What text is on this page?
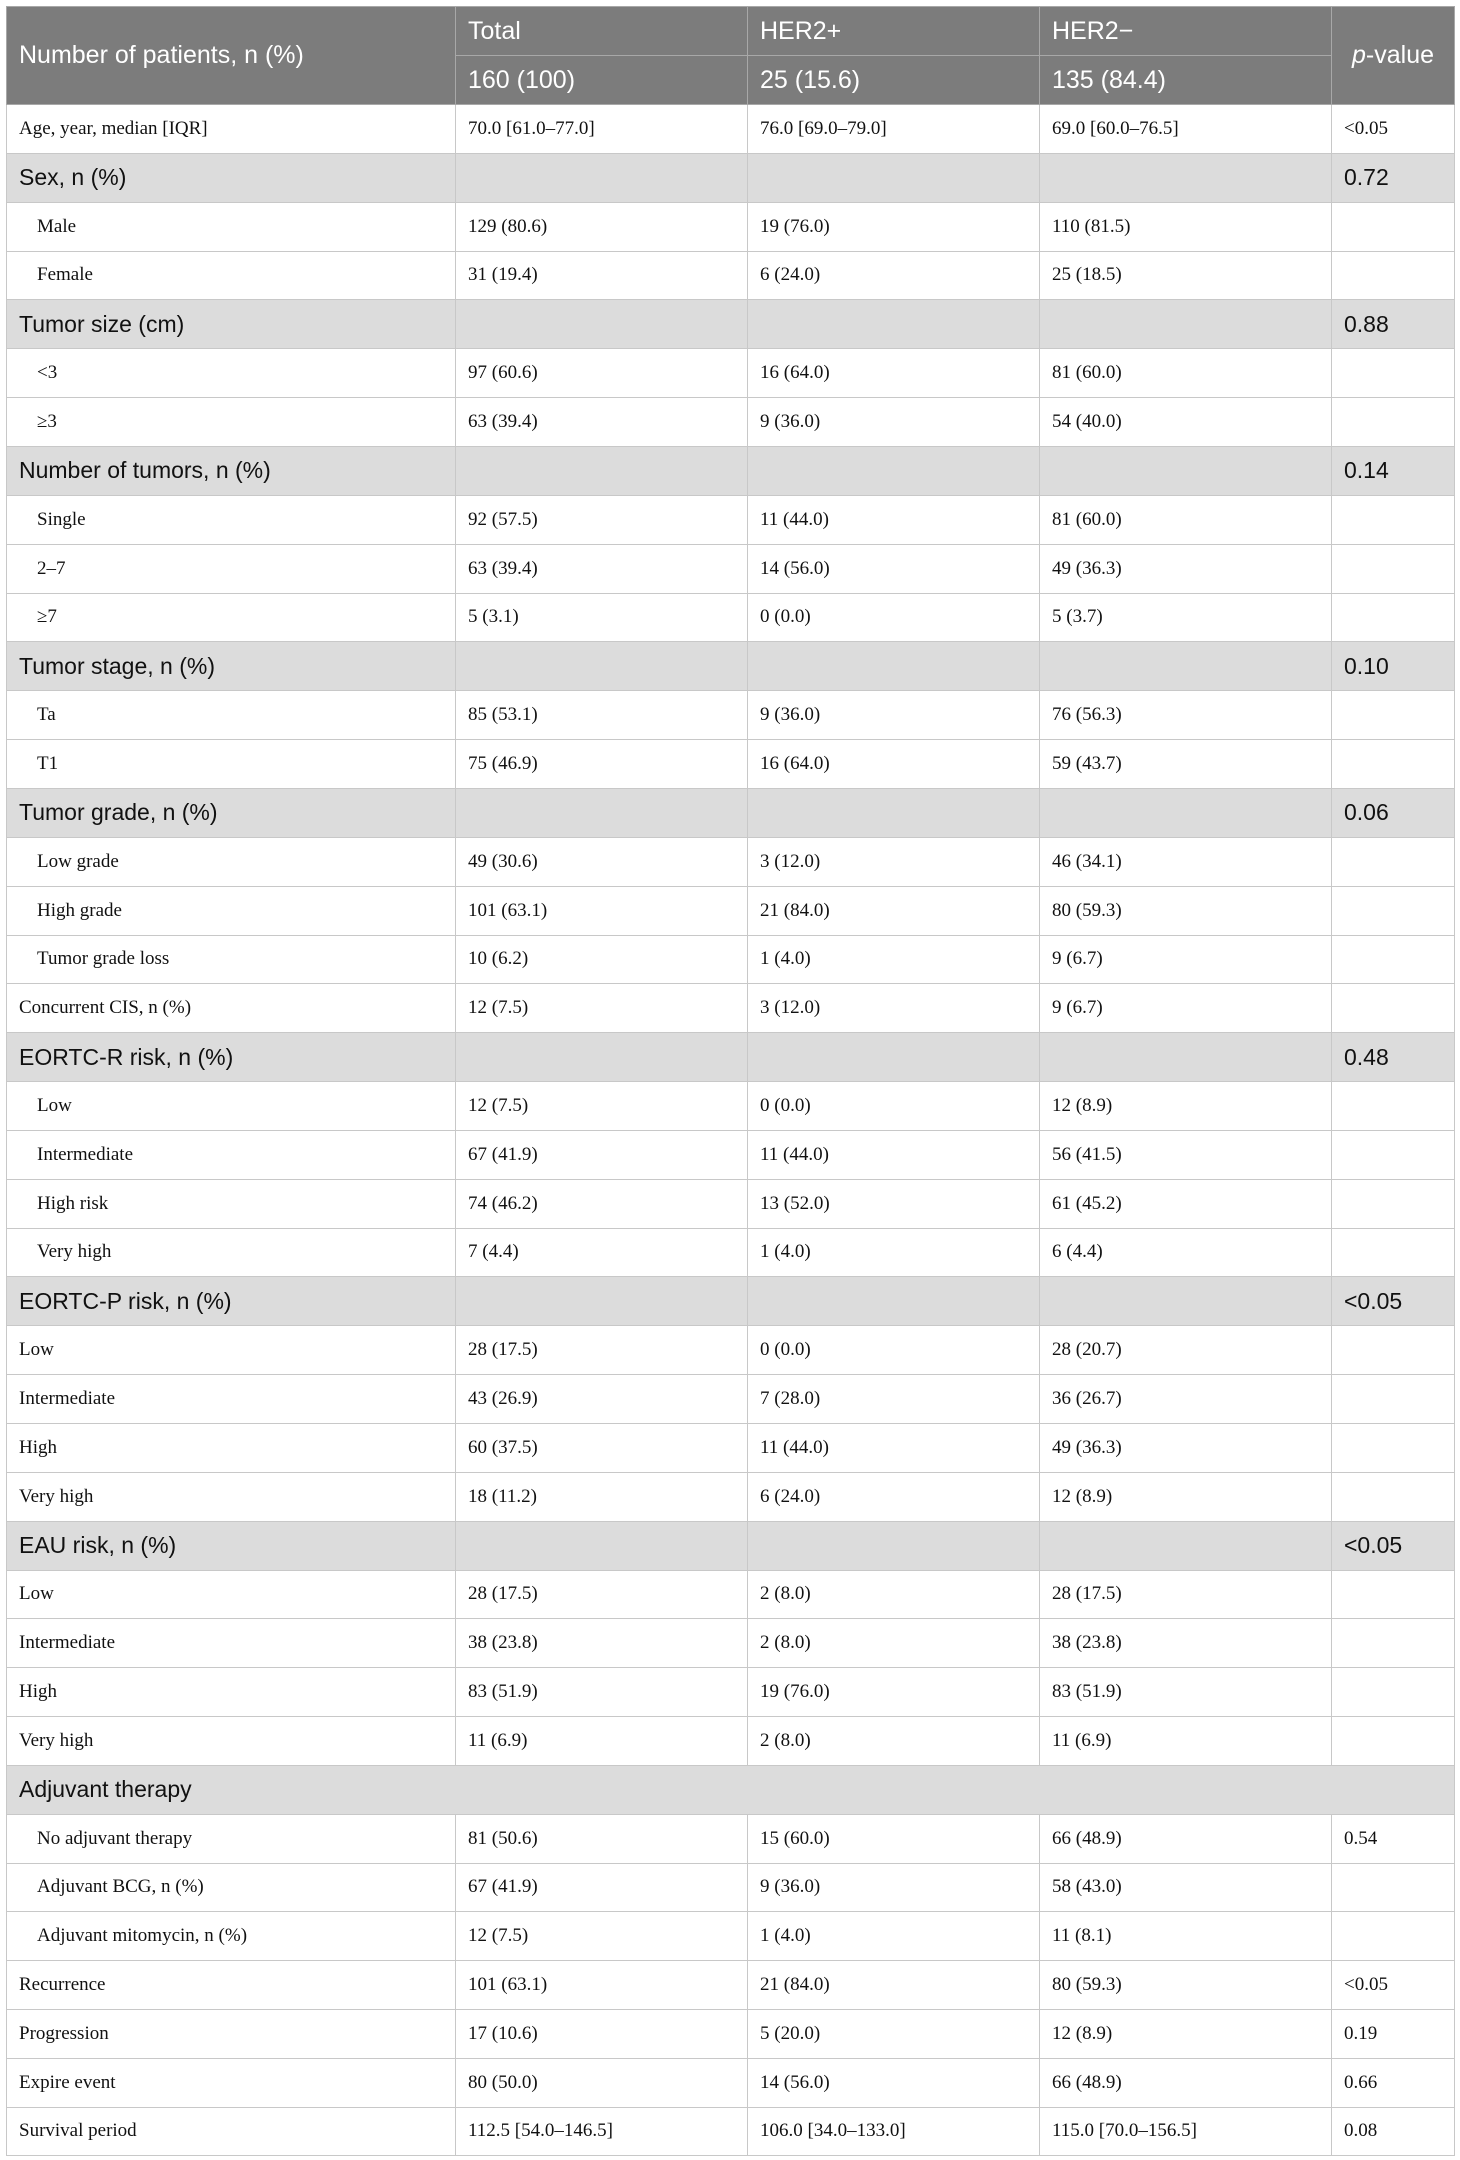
Number of patients, n (%)	Total	HER2+	HER2−	p-value
	160 (100)	25 (15.6)	135 (84.4)	
Age, year, median [IQR]	70.0 [61.0–77.0]	76.0 [69.0–79.0]	69.0 [60.0–76.5]	<0.05
Sex, n (%)				0.72
Male	129 (80.6)	19 (76.0)	110 (81.5)	
Female	31 (19.4)	6 (24.0)	25 (18.5)	
Tumor size (cm)				0.88
<3	97 (60.6)	16 (64.0)	81 (60.0)	
≥3	63 (39.4)	9 (36.0)	54 (40.0)	
Number of tumors, n (%)				0.14
Single	92 (57.5)	11 (44.0)	81 (60.0)	
2–7	63 (39.4)	14 (56.0)	49 (36.3)	
≥7	5 (3.1)	0 (0.0)	5 (3.7)	
Tumor stage, n (%)				0.10
Ta	85 (53.1)	9 (36.0)	76 (56.3)	
T1	75 (46.9)	16 (64.0)	59 (43.7)	
Tumor grade, n (%)				0.06
Low grade	49 (30.6)	3 (12.0)	46 (34.1)	
High grade	101 (63.1)	21 (84.0)	80 (59.3)	
Tumor grade loss	10 (6.2)	1 (4.0)	9 (6.7)	
Concurrent CIS, n (%)	12 (7.5)	3 (12.0)	9 (6.7)	
EORTC-R risk, n (%)				0.48
Low	12 (7.5)	0 (0.0)	12 (8.9)	
Intermediate	67 (41.9)	11 (44.0)	56 (41.5)	
High risk	74 (46.2)	13 (52.0)	61 (45.2)	
Very high	7 (4.4)	1 (4.0)	6 (4.4)	
EORTC-P risk, n (%)				<0.05
Low	28 (17.5)	0 (0.0)	28 (20.7)	
Intermediate	43 (26.9)	7 (28.0)	36 (26.7)	
High	60 (37.5)	11 (44.0)	49 (36.3)	
Very high	18 (11.2)	6 (24.0)	12 (8.9)	
EAU risk, n (%)				<0.05
Low	28 (17.5)	2 (8.0)	28 (17.5)	
Intermediate	38 (23.8)	2 (8.0)	38 (23.8)	
High	83 (51.9)	19 (76.0)	83 (51.9)	
Very high	11 (6.9)	2 (8.0)	11 (6.9)	
Adjuvant therapy				
No adjuvant therapy	81 (50.6)	15 (60.0)	66 (48.9)	0.54
Adjuvant BCG, n (%)	67 (41.9)	9 (36.0)	58 (43.0)	
Adjuvant mitomycin, n (%)	12 (7.5)	1 (4.0)	11 (8.1)	
Recurrence	101 (63.1)	21 (84.0)	80 (59.3)	<0.05
Progression	17 (10.6)	5 (20.0)	12 (8.9)	0.19
Expire event	80 (50.0)	14 (56.0)	66 (48.9)	0.66
Survival period	112.5 [54.0–146.5]	106.0 [34.0–133.0]	115.0 [70.0–156.5]	0.08
